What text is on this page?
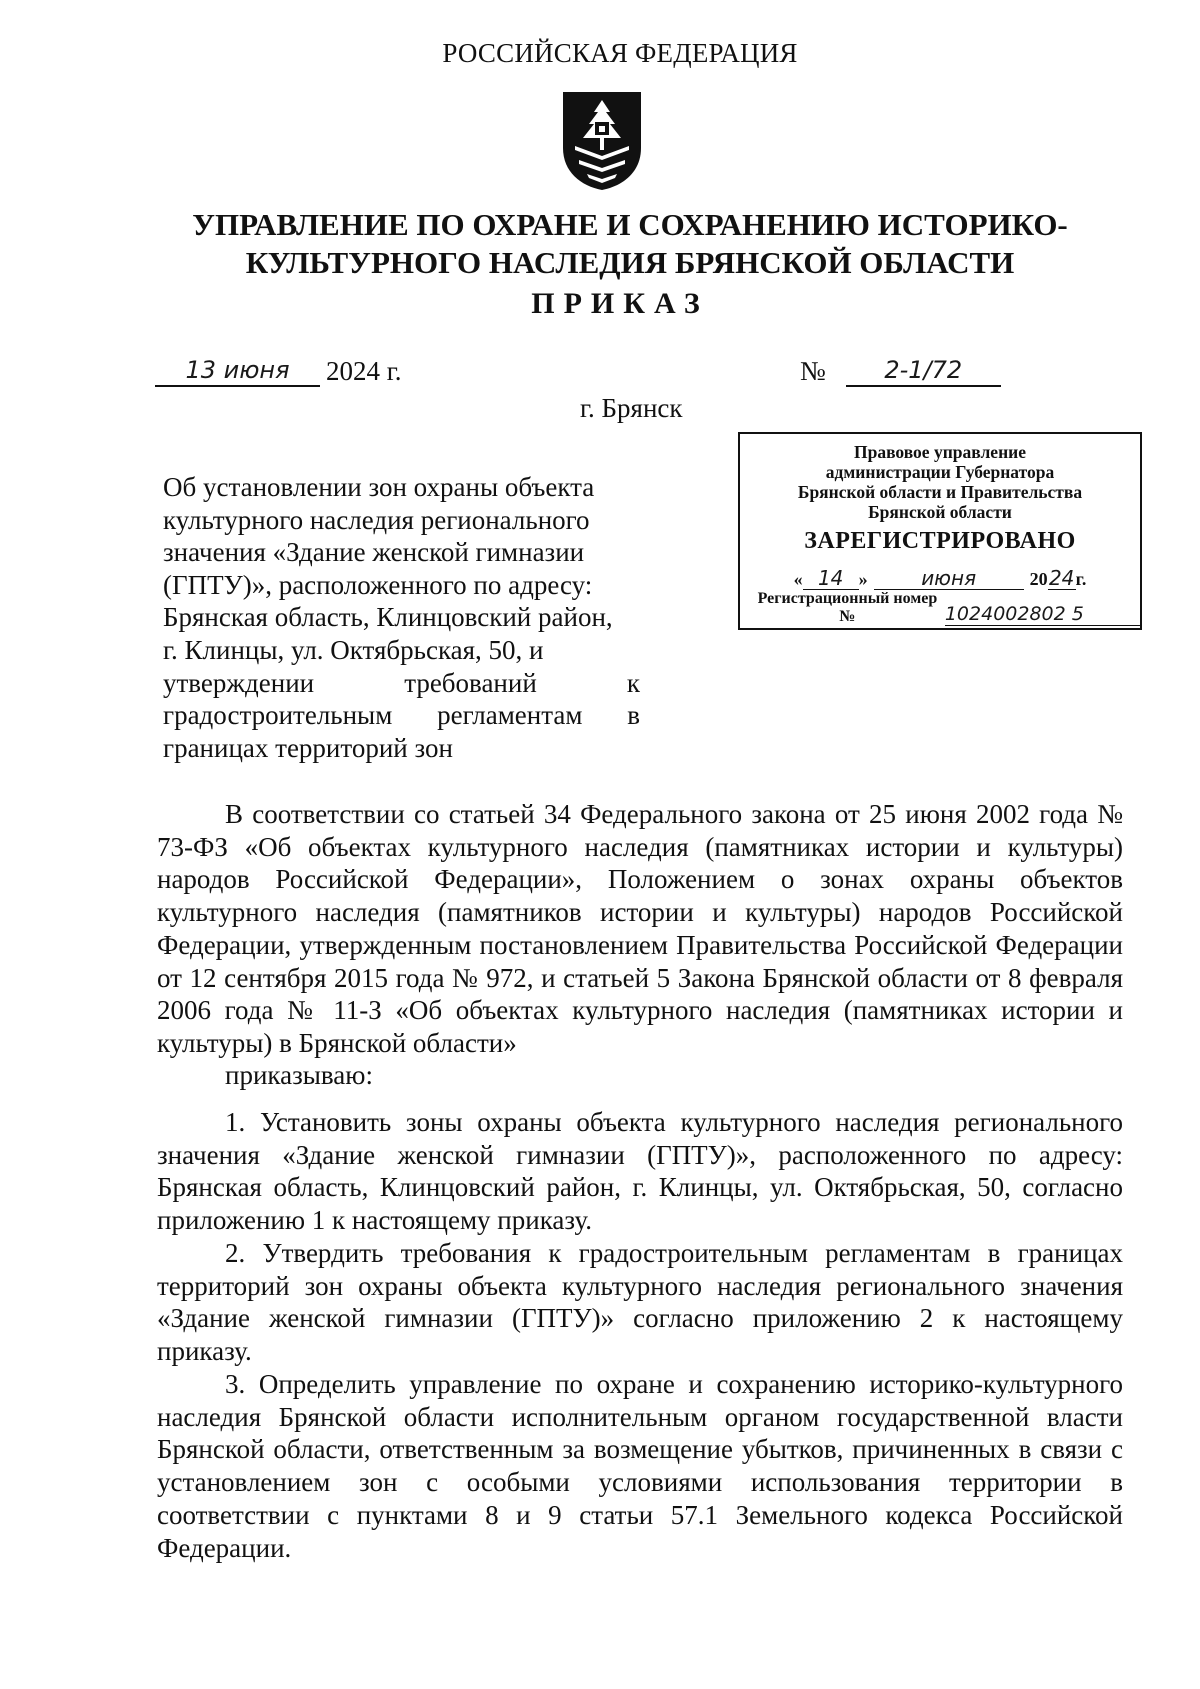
РОССИЙСКАЯ ФЕДЕРАЦИЯ
УПРАВЛЕНИЕ ПО ОХРАНЕ И СОХРАНЕНИЮ ИСТОРИКО-
КУЛЬТУРНОГО НАСЛЕДИЯ БРЯНСКОЙ ОБЛАСТИ
ПРИКАЗ
13 июня	2024 г.	№	2-1/72
г. Брянск
Правовое управление
администрации Губернатора
Брянской области и Правительства
Брянской области
ЗАРЕГИСТРИРОВАНО
« 14 »	июня	20 24 г.
Регистрационный номер №	1024002802 5
Об установлении зон охраны объекта
культурного наследия регионального
значения «Здание женской гимназии
(ГПТУ)», расположенного по адресу:
Брянская область, Клинцовский район,
г. Клинцы, ул. Октябрьская, 50, и
утверждении требований к
градостроительным регламентам в
границах территорий зон
В соответствии со статьей 34 Федерального закона от 25 июня 2002 года № 73-ФЗ «Об объектах культурного наследия (памятниках истории и культуры) народов Российской Федерации», Положением о зонах охраны объектов культурного наследия (памятников истории и культуры) народов Российской Федерации, утвержденным постановлением Правительства Российской Федерации от 12 сентября 2015 года № 972, и статьей 5 Закона Брянской области от 8 февраля 2006 года № 11-З «Об объектах культурного наследия (памятниках истории и культуры) в Брянской области»
приказываю:
1. Установить зоны охраны объекта культурного наследия регионального значения «Здание женской гимназии (ГПТУ)», расположенного по адресу: Брянская область, Клинцовский район, г. Клинцы, ул. Октябрьская, 50, согласно приложению 1 к настоящему приказу.
2. Утвердить требования к градостроительным регламентам в границах территорий зон охраны объекта культурного наследия регионального значения «Здание женской гимназии (ГПТУ)» согласно приложению 2 к настоящему приказу.
3. Определить управление по охране и сохранению историко-культурного наследия Брянской области исполнительным органом государственной власти Брянской области, ответственным за возмещение убытков, причиненных в связи с установлением зон с особыми условиями использования территории в соответствии с пунктами 8 и 9 статьи 57.1 Земельного кодекса Российской Федерации.
